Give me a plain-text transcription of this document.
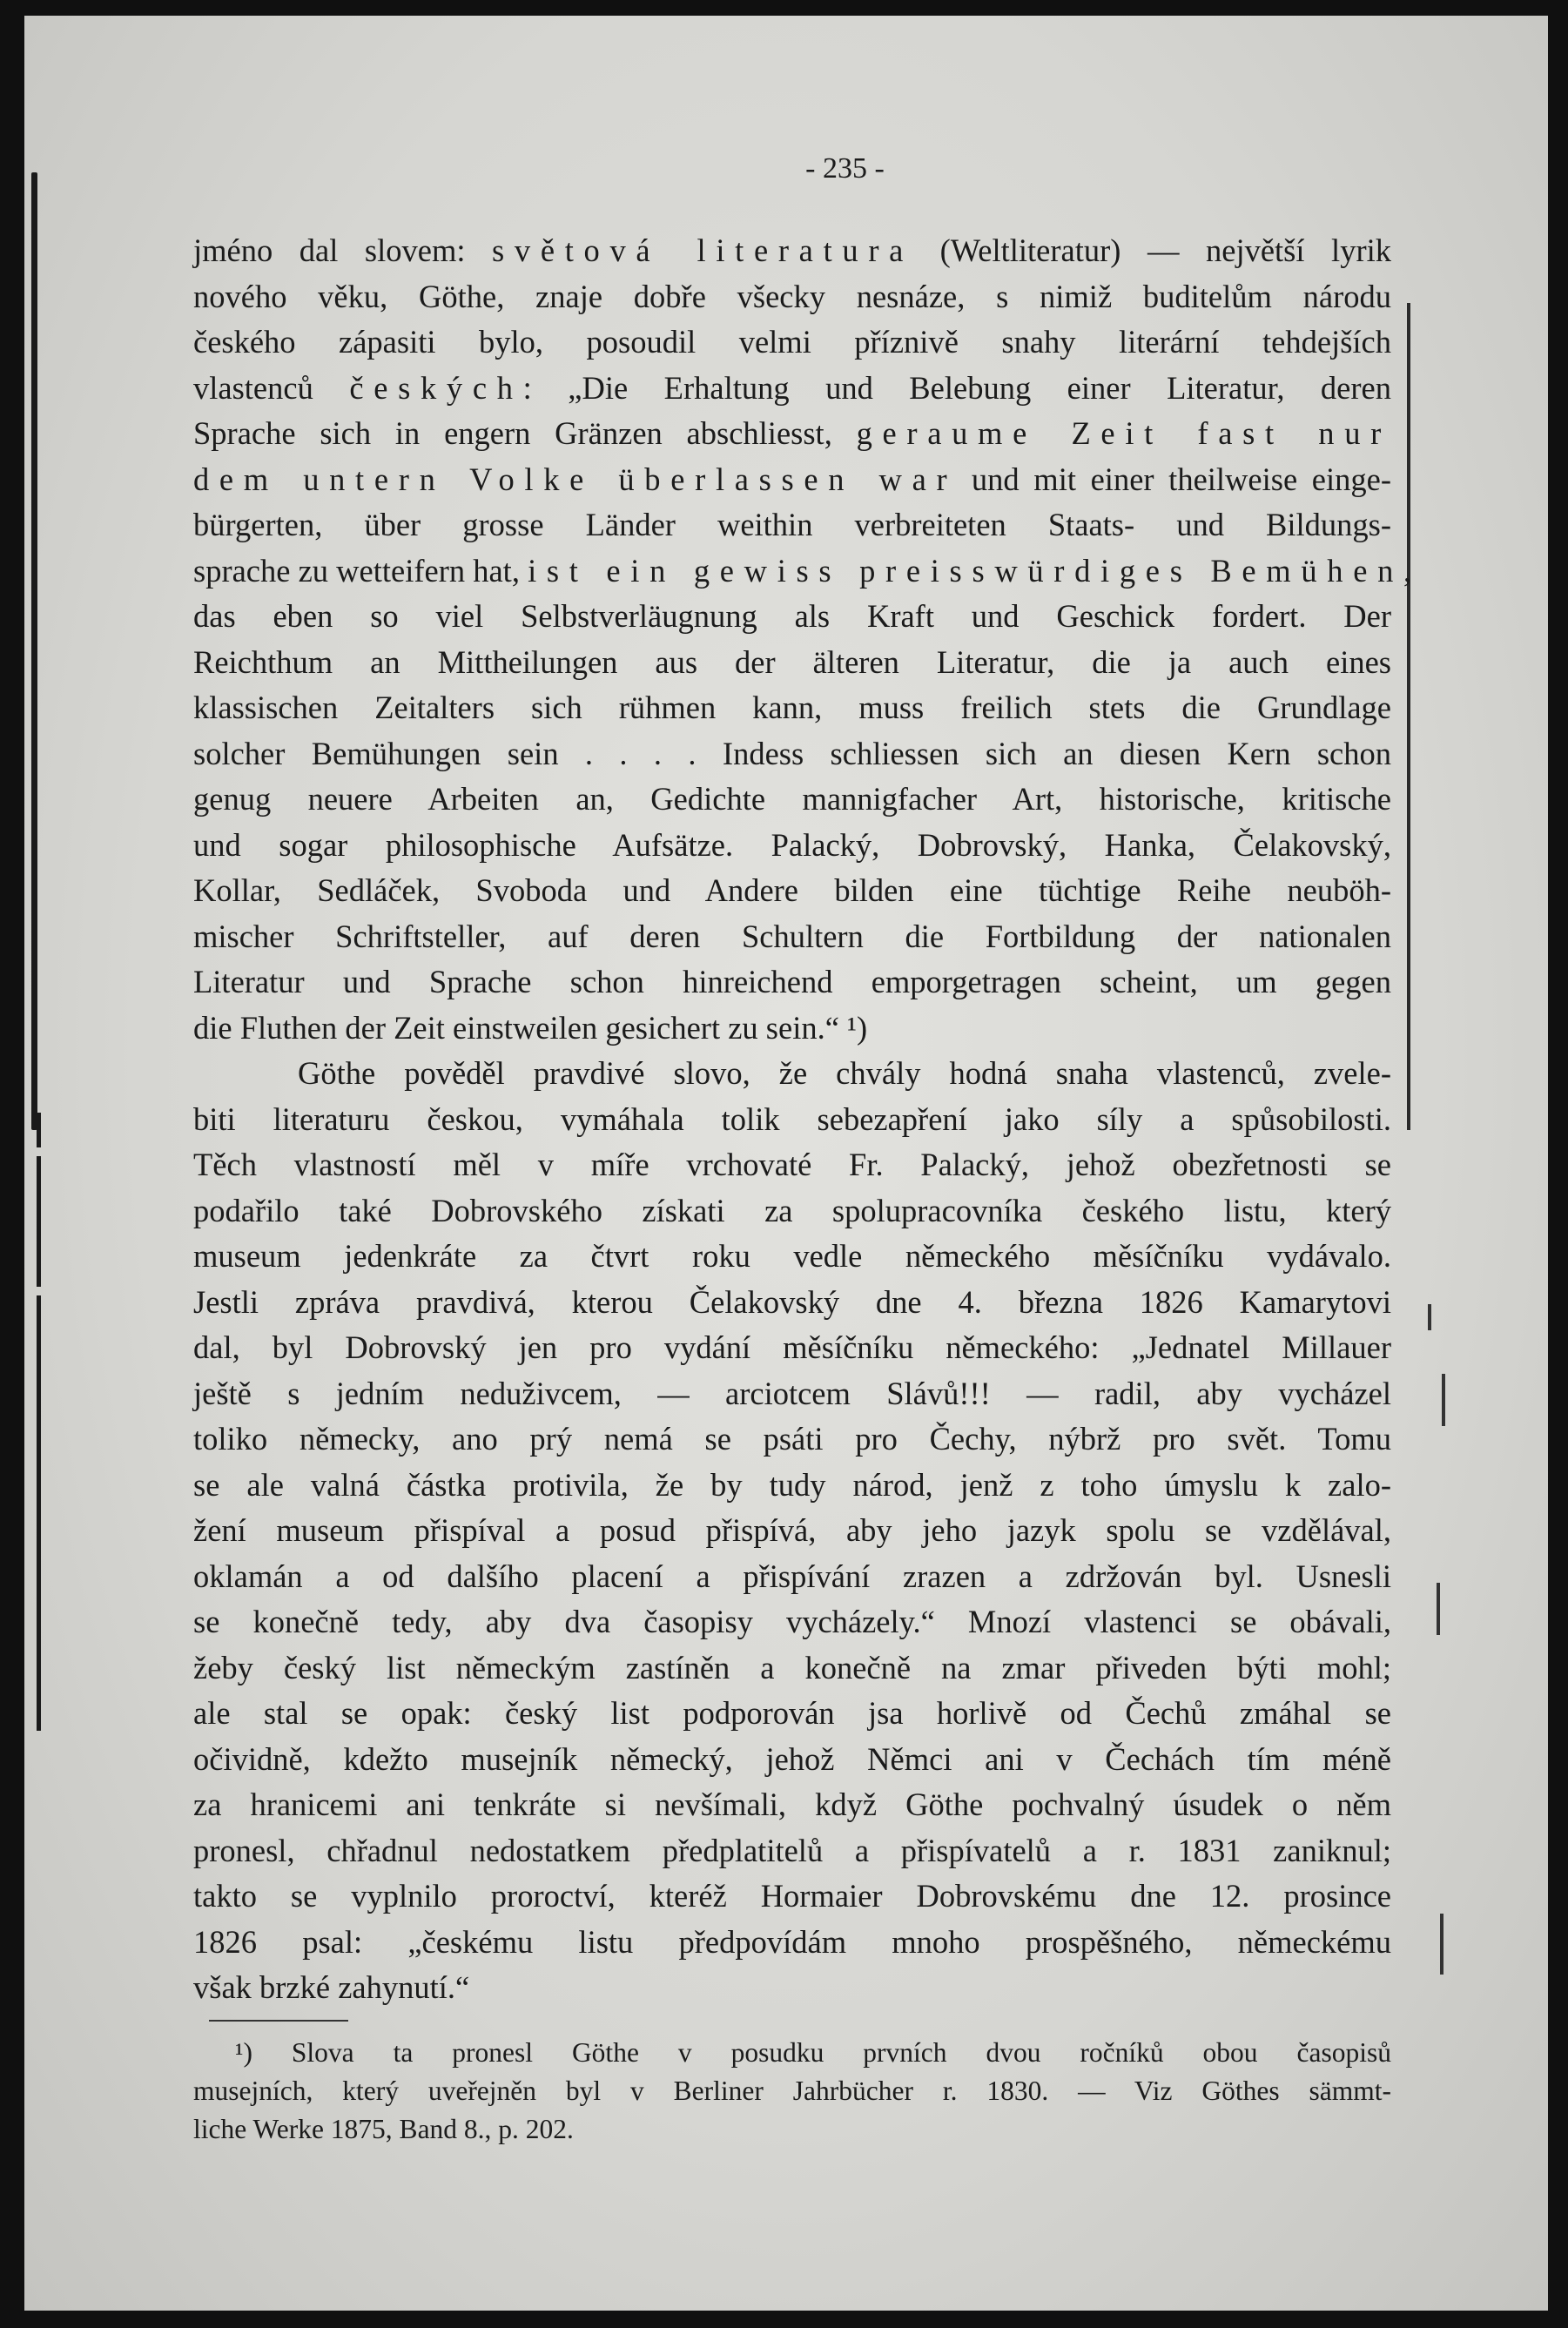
- 235 -
jméno dal slovem: světová literatura (Weltliteratur) — největší lyrik
nového věku, Göthe, znaje dobře všecky nesnáze, s nimiž buditelům národu
českého zápasiti bylo, posoudil velmi příznivě snahy literární tehdejších
vlastenců českých: „Die Erhaltung und Belebung einer Literatur, deren
Sprache sich in engern Gränzen abschliesst, geraume Zeit fast nur
dem untern Volke überlassen war und mit einer theilweise einge-
bürgerten, über grosse Länder weithin verbreiteten Staats- und Bildungs-
sprache zu wetteifern hat, ist ein gewiss preisswürdiges Bemühen,
das eben so viel Selbstverläugnung als Kraft und Geschick fordert. Der
Reichthum an Mittheilungen aus der älteren Literatur, die ja auch eines
klassischen Zeitalters sich rühmen kann, muss freilich stets die Grundlage
solcher Bemühungen sein . . . . Indess schliessen sich an diesen Kern schon
genug neuere Arbeiten an, Gedichte mannigfacher Art, historische, kritische
und sogar philosophische Aufsätze. Palacký, Dobrovský, Hanka, Čelakovský,
Kollar, Sedláček, Svoboda und Andere bilden eine tüchtige Reihe neuböh-
mischer Schriftsteller, auf deren Schultern die Fortbildung der nationalen
Literatur und Sprache schon hinreichend emporgetragen scheint, um gegen
die Fluthen der Zeit einstweilen gesichert zu sein.“ ¹)
Göthe pověděl pravdivé slovo, že chvály hodná snaha vlastenců, zvele-
biti literaturu českou, vymáhala tolik sebezapření jako síly a spůsobilosti.
Těch vlastností měl v míře vrchovaté Fr. Palacký, jehož obezřetnosti se
podařilo také Dobrovského získati za spolupracovníka českého listu, který
museum jedenkráte za čtvrt roku vedle německého měsíčníku vydávalo.
Jestli zpráva pravdivá, kterou Čelakovský dne 4. března 1826 Kamarytovi
dal, byl Dobrovský jen pro vydání měsíčníku německého: „Jednatel Millauer
ještě s jedním neduživcem, — arciotcem Slávů!!! — radil, aby vycházel
toliko německy, ano prý nemá se psáti pro Čechy, nýbrž pro svět. Tomu
se ale valná částka protivila, že by tudy národ, jenž z toho úmyslu k zalo-
žení museum přispíval a posud přispívá, aby jeho jazyk spolu se vzdělával,
oklamán a od dalšího placení a přispívání zrazen a zdržován byl. Usnesli
se konečně tedy, aby dva časopisy vycházely.“ Mnozí vlastenci se obávali,
žeby český list německým zastíněn a konečně na zmar přiveden býti mohl;
ale stal se opak: český list podporován jsa horlivě od Čechů zmáhal se
očividně, kdežto musejník německý, jehož Němci ani v Čechách tím méně
za hranicemi ani tenkráte si nevšímali, když Göthe pochvalný úsudek o něm
pronesl, chřadnul nedostatkem předplatitelů a přispívatelů a r. 1831 zaniknul;
takto se vyplnilo proroctví, kteréž Hormaier Dobrovskému dne 12. prosince
1826 psal: „českému listu předpovídám mnoho prospěšného, německému
však brzké zahynutí.“
¹) Slova ta pronesl Göthe v posudku prvních dvou ročníků obou časopisů
musejních, který uveřejněn byl v Berliner Jahrbücher r. 1830. — Viz Göthes sämmt-
liche Werke 1875, Band 8., p. 202.
